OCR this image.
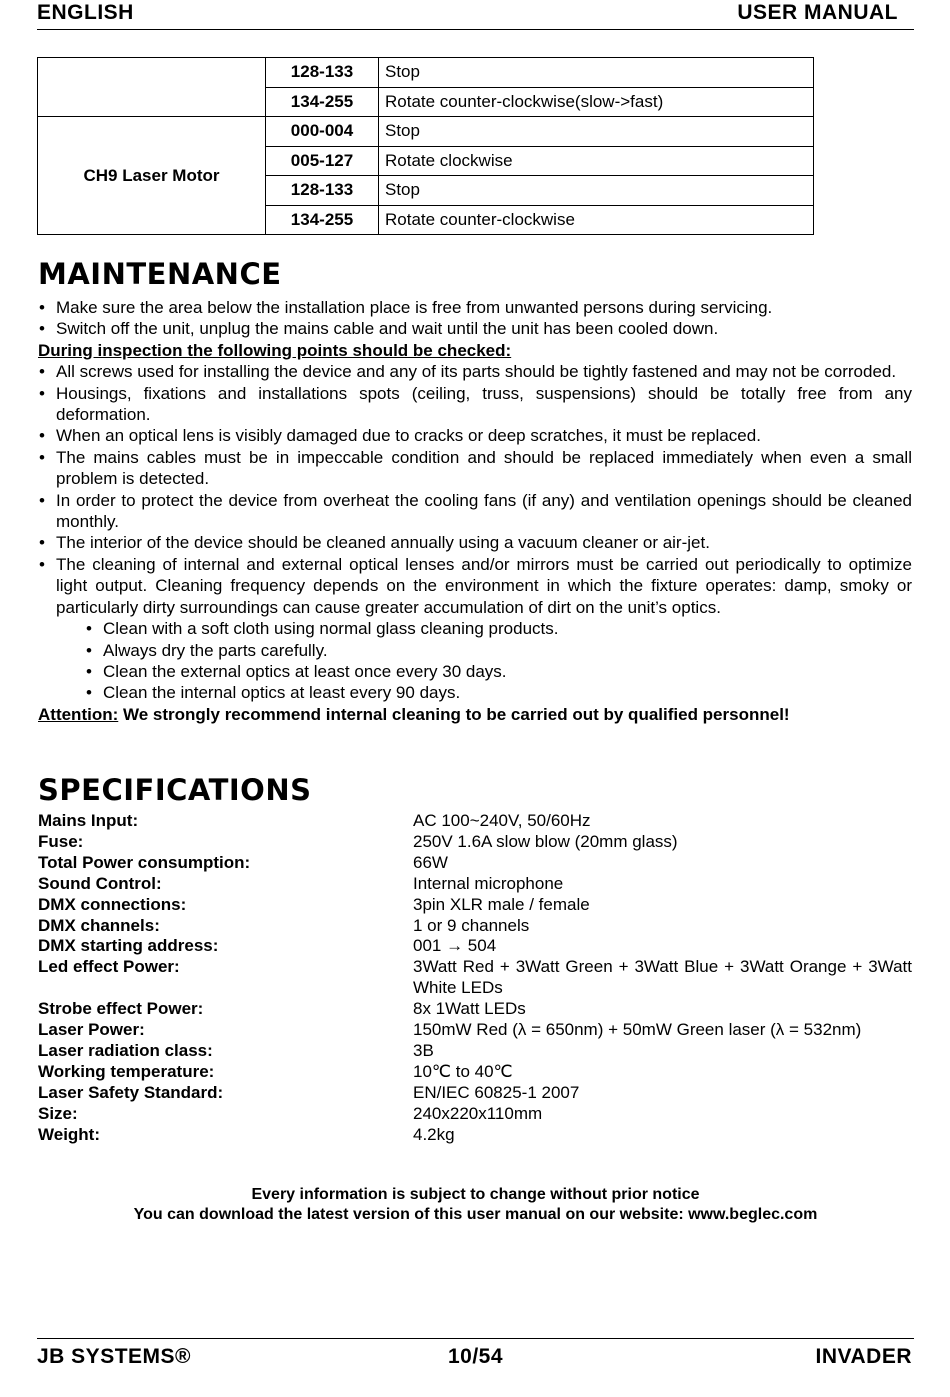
ENGLISH	USER MANUAL
	128-133	Stop
	134-255	Rotate counter-clockwise(slow->fast)
CH9 Laser Motor	000-004	Stop
	005-127	Rotate clockwise
	128-133	Stop
	134-255	Rotate counter-clockwise
MAINTENANCE
• Make sure the area below the installation place is free from unwanted persons during servicing.
• Switch off the unit, unplug the mains cable and wait until the unit has been cooled down.

During inspection the following points should be checked:

• All screws used for installing the device and any of its parts should be tightly fastened and may not be corroded.
• Housings, fixations and installations spots (ceiling, truss, suspensions) should be totally free from any deformation.
• When an optical lens is visibly damaged due to cracks or deep scratches, it must be replaced.
• The mains cables must be in impeccable condition and should be replaced immediately when even a small problem is detected.
• In order to protect the device from overheat the cooling fans (if any) and ventilation openings should be cleaned monthly.
• The interior of the device should be cleaned annually using a vacuum cleaner or air-jet.
• The cleaning of internal and external optical lenses and/or mirrors must be carried out periodically to optimize light output. Cleaning frequency depends on the environment in which the fixture operates: damp, smoky or particularly dirty surroundings can cause greater accumulation of dirt on the unit’s optics.
• Clean with a soft cloth using normal glass cleaning products.
• Always dry the parts carefully.
• Clean the external optics at least once every 30 days.
• Clean the internal optics at least every 90 days.

Attention: We strongly recommend internal cleaning to be carried out by qualified personnel!

SPECIFICATIONS
Mains Input:	AC 100~240V, 50/60Hz
Fuse:	250V 1.6A slow blow (20mm glass)
Total Power consumption:	66W
Sound Control:	Internal microphone
DMX connections:	3pin XLR male / female
DMX channels:	1 or 9 channels
DMX starting address:	001 → 504
Led effect Power:	3Watt Red + 3Watt Green + 3Watt Blue + 3Watt Orange + 3Watt White LEDs
Strobe effect Power:	8x 1Watt LEDs
Laser Power:	150mW Red (λ = 650nm) + 50mW Green laser (λ = 532nm)
Laser radiation class:	3B
Working temperature:	10℃ to 40℃
Laser Safety Standard:	EN/IEC 60825-1 2007
Size:	240x220x110mm
Weight:	4.2kg
Every information is subject to change without prior notice
You can download the latest version of this user manual on our website: www.beglec.com
JB SYSTEMS®	10/54	INVADER
